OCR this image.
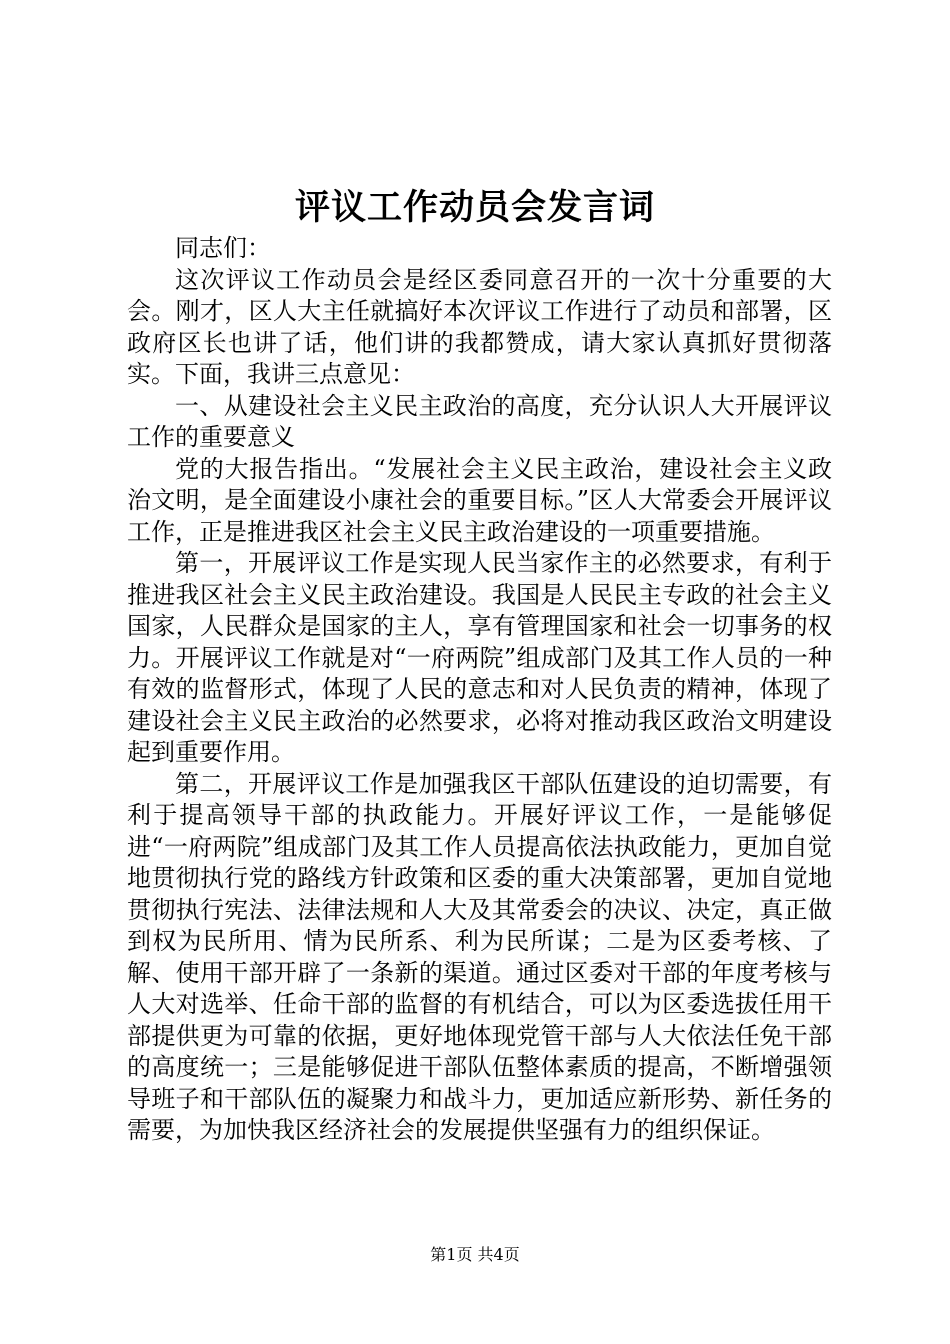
评议工作动员会发言词

同志们：

这次评议工作动员会是经区委同意召开的一次十分重要的大会。刚才，区人大主任就搞好本次评议工作进行了动员和部署，区政府区长也讲了话，他们讲的我都赞成，请大家认真抓好贯彻落实。下面，我讲三点意见：

一、从建设社会主义民主政治的高度，充分认识人大开展评议工作的重要意义

党的大报告指出。“发展社会主义民主政治，建设社会主义政治文明，是全面建设小康社会的重要目标。”区人大常委会开展评议工作，正是推进我区社会主义民主政治建设的一项重要措施。

第一，开展评议工作是实现人民当家作主的必然要求，有利于推进我区社会主义民主政治建设。我国是人民民主专政的社会主义国家，人民群众是国家的主人，享有管理国家和社会一切事务的权力。开展评议工作就是对“一府两院”组成部门及其工作人员的一种有效的监督形式，体现了人民的意志和对人民负责的精神，体现了建设社会主义民主政治的必然要求，必将对推动我区政治文明建设起到重要作用。

第二，开展评议工作是加强我区干部队伍建设的迫切需要，有利于提高领导干部的执政能力。开展好评议工作，一是能够促进“一府两院”组成部门及其工作人员提高依法执政能力，更加自觉地贯彻执行党的路线方针政策和区委的重大决策部署，更加自觉地贯彻执行宪法、法律法规和人大及其常委会的决议、决定，真正做到权为民所用、情为民所系、利为民所谋；二是为区委考核、了解、使用干部开辟了一条新的渠道。通过区委对干部的年度考核与人大对选举、任命干部的监督的有机结合，可以为区委选拔任用干部提供更为可靠的依据，更好地体现党管干部与人大依法任免干部的高度统一；三是能够促进干部队伍整体素质的提高，不断增强领导班子和干部队伍的凝聚力和战斗力，更加适应新形势、新任务的需要，为加快我区经济社会的发展提供坚强有力的组织保证。

第1页 共4页
